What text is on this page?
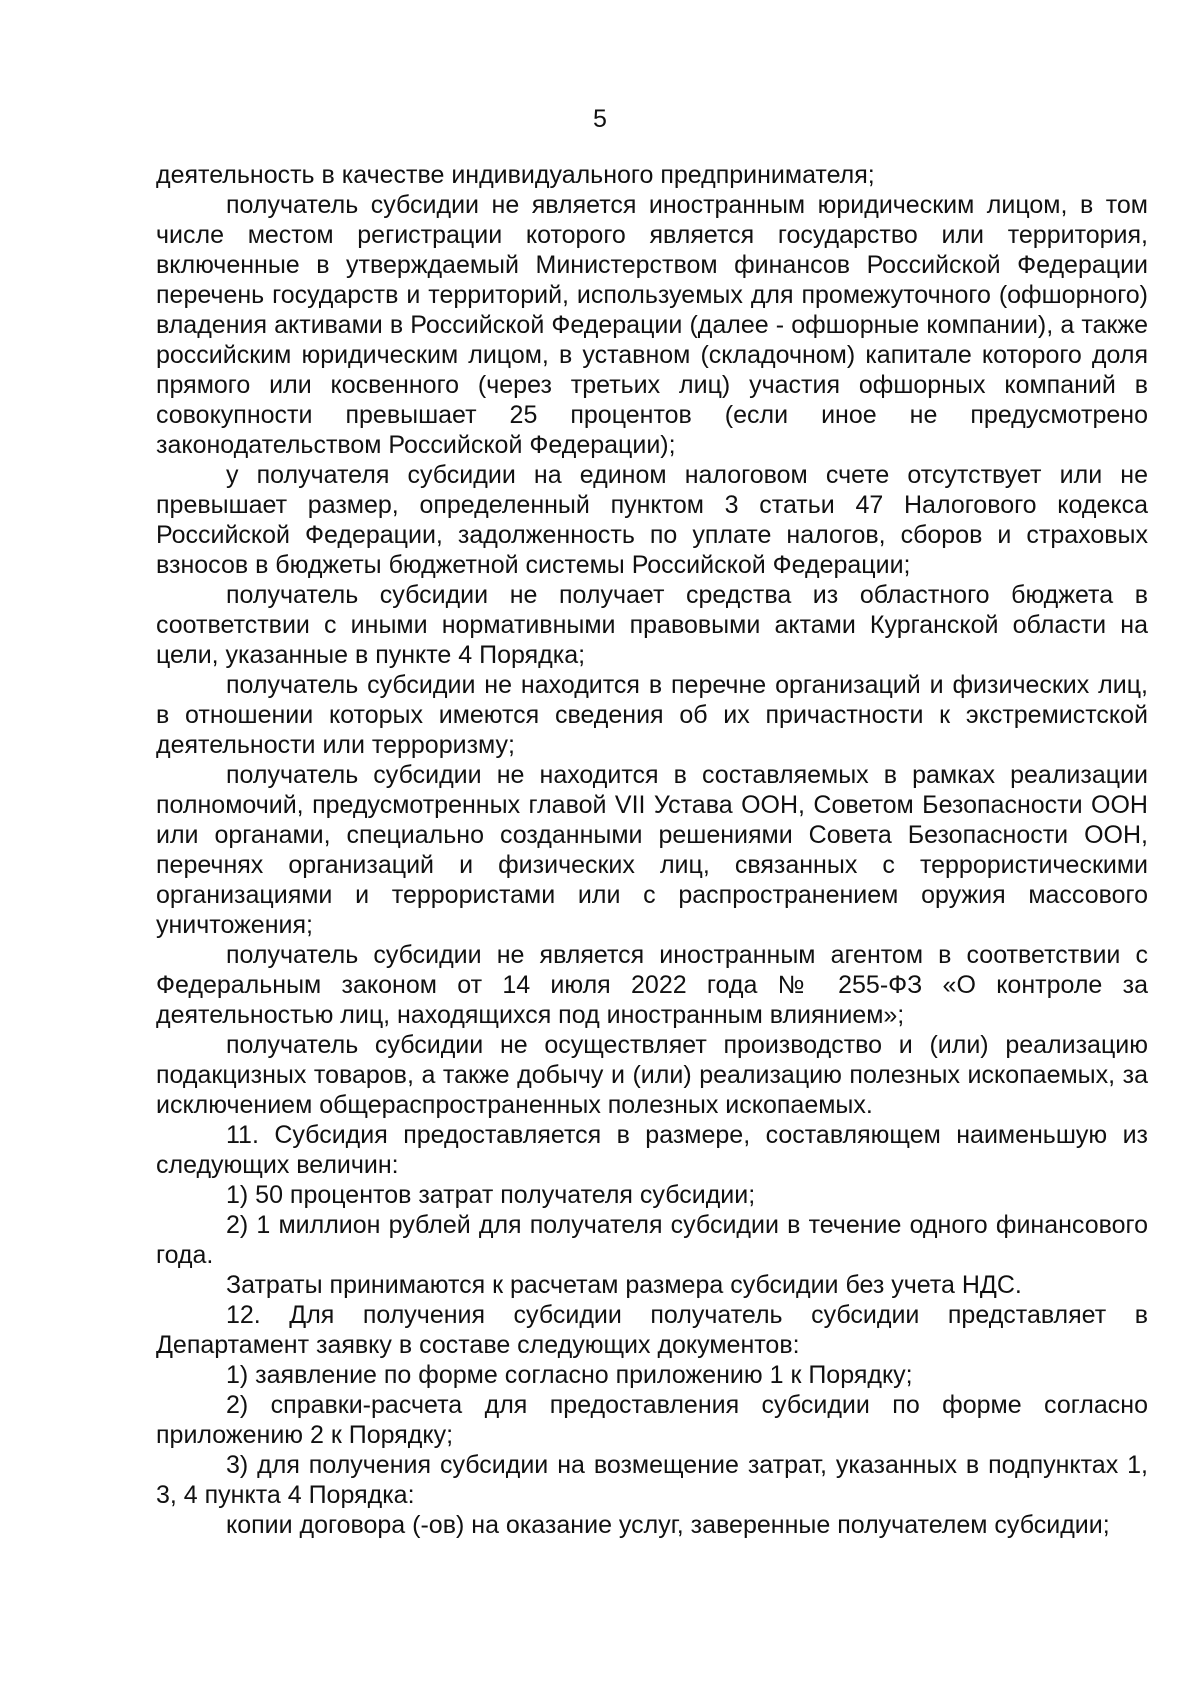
5

деятельность в качестве индивидуального предпринимателя;

получатель субсидии не является иностранным юридическим лицом, в том числе местом регистрации которого является государство или территория, включенные в утверждаемый Министерством финансов Российской Федерации перечень государств и территорий, используемых для промежуточного (офшорного) владения активами в Российской Федерации (далее - офшорные компании), а также российским юридическим лицом, в уставном (складочном) капитале которого доля прямого или косвенного (через третьих лиц) участия офшорных компаний в совокупности превышает 25 процентов (если иное не предусмотрено законодательством Российской Федерации);

у получателя субсидии на едином налоговом счете отсутствует или не превышает размер, определенный пунктом 3 статьи 47 Налогового кодекса Российской Федерации, задолженность по уплате налогов, сборов и страховых взносов в бюджеты бюджетной системы Российской Федерации;

получатель субсидии не получает средства из областного бюджета в соответствии с иными нормативными правовыми актами Курганской области на цели, указанные в пункте 4 Порядка;

получатель субсидии не находится в перечне организаций и физических лиц, в отношении которых имеются сведения об их причастности к экстремистской деятельности или терроризму;

получатель субсидии не находится в составляемых в рамках реализации полномочий, предусмотренных главой VII Устава ООН, Советом Безопасности ООН или органами, специально созданными решениями Совета Безопасности ООН, перечнях организаций и физических лиц, связанных с террористическими организациями и террористами или с распространением оружия массового уничтожения;

получатель субсидии не является иностранным агентом в соответствии с Федеральным законом от 14 июля 2022 года № 255-ФЗ «О контроле за деятельностью лиц, находящихся под иностранным влиянием»;

получатель субсидии не осуществляет производство и (или) реализацию подакцизных товаров, а также добычу и (или) реализацию полезных ископаемых, за исключением общераспространенных полезных ископаемых.

11. Субсидия предоставляется в размере, составляющем наименьшую из следующих величин:

1) 50 процентов затрат получателя субсидии;

2) 1 миллион рублей для получателя субсидии в течение одного финансового года.

Затраты принимаются к расчетам размера субсидии без учета НДС.

12. Для получения субсидии получатель субсидии представляет в Департамент заявку в составе следующих документов:

1) заявление по форме согласно приложению 1 к Порядку;

2) справки-расчета для предоставления субсидии по форме согласно приложению 2 к Порядку;

3) для получения субсидии на возмещение затрат, указанных в подпунктах 1, 3, 4 пункта 4 Порядка:

копии договора (-ов) на оказание услуг, заверенные получателем субсидии;
